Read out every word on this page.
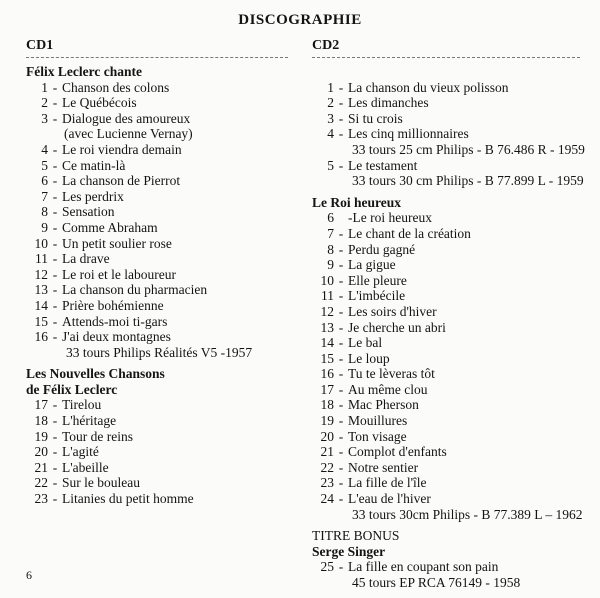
DISCOGRAPHIE
CD1
Félix Leclerc chante
1 - Chanson des colons
2 - Le Québécois
3 - Dialogue des amoureux
(avec Lucienne Vernay)
4 - Le roi viendra demain
5 - Ce matin-là
6 - La chanson de Pierrot
7 - Les perdrix
8 - Sensation
9 - Comme Abraham
10 - Un petit soulier rose
11 - La drave
12 - Le roi et le laboureur
13 - La chanson du pharmacien
14 - Prière bohémienne
15 - Attends-moi ti-gars
16 - J'ai deux montagnes
33 tours Philips Réalités V5 -1957
Les Nouvelles Chansons
de Félix Leclerc
17 - Tirelou
18 - L'héritage
19 - Tour de reins
20 - L'agité
21 - L'abeille
22 - Sur le bouleau
23 - Litanies du petit homme
CD2
1 - La chanson du vieux polisson
2 - Les dimanches
3 - Si tu crois
4 - Les cinq millionnaires
33 tours 25 cm Philips - B 76.486 R - 1959
5 - Le testament
33 tours 30 cm Philips - B 77.899 L - 1959
Le Roi heureux
6 -Le roi heureux
7 - Le chant de la création
8 - Perdu gagné
9 - La gigue
10 - Elle pleure
11 - L'imbécile
12 - Les soirs d'hiver
13 - Je cherche un abri
14 - Le bal
15 - Le loup
16 - Tu te lèveras tôt
17 - Au même clou
18 - Mac Pherson
19 - Mouillures
20 - Ton visage
21 - Complot d'enfants
22 - Notre sentier
23 - La fille de l'île
24 - L'eau de l'hiver
33 tours 30cm Philips - B 77.389 L – 1962
TITRE BONUS
Serge Singer
25 - La fille en coupant son pain
45 tours EP RCA 76149 - 1958
6
